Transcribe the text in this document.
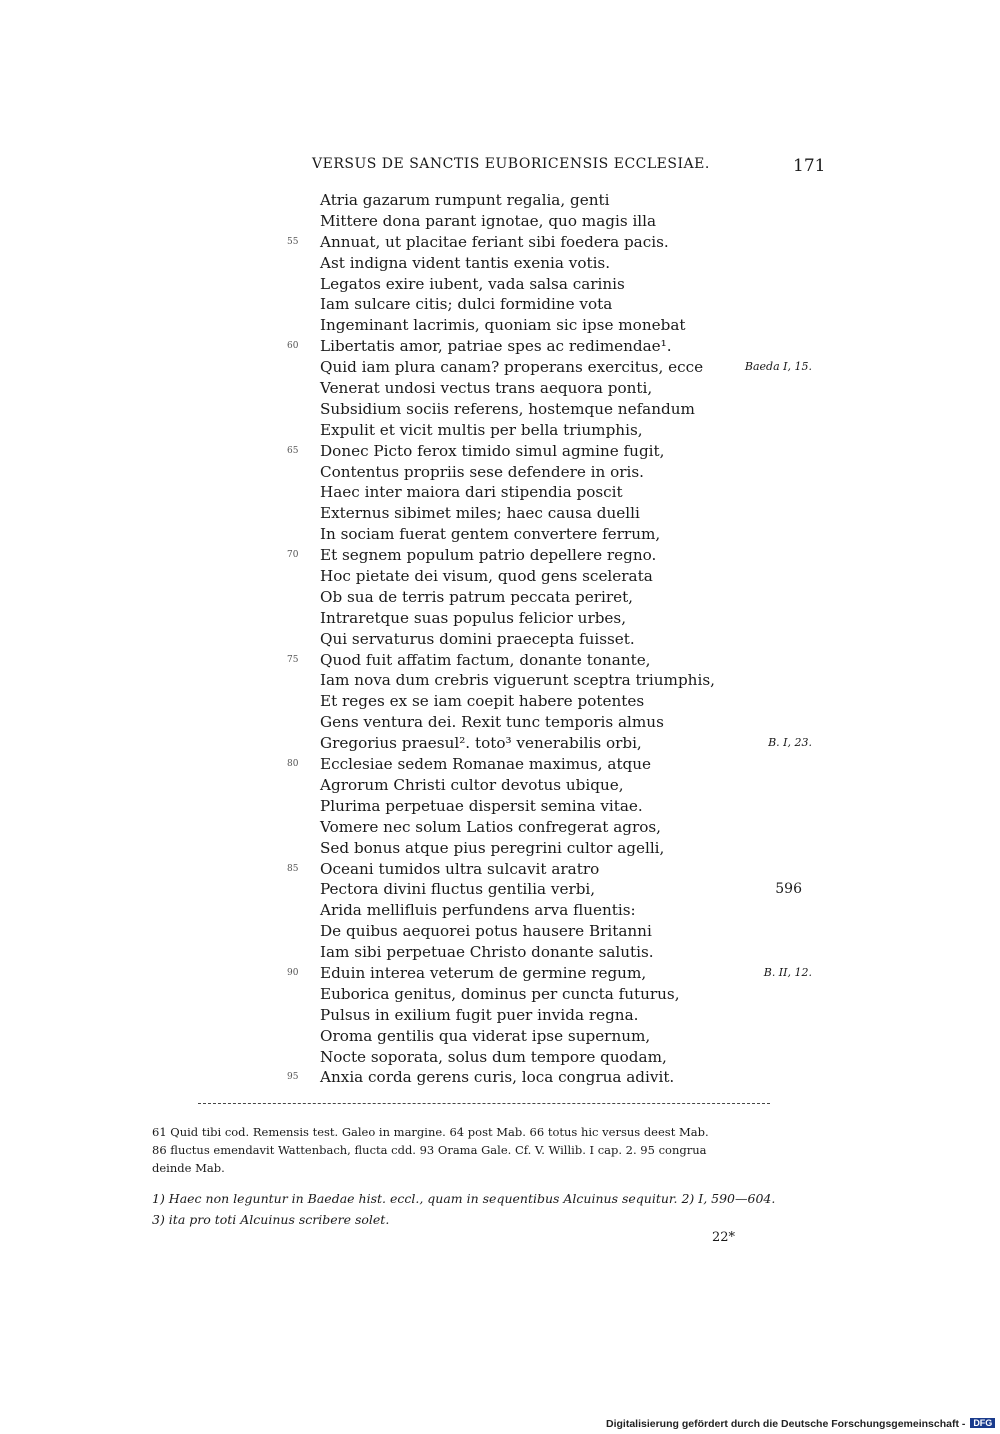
VERSUS DE SANCTIS EUBORICENSIS ECCLESIAE.	171
Atria gazarum rumpunt regalia, genti
Mittere dona parant ignotae, quo magis illa
55 Annuat, ut placitae feriant sibi foedera pacis.
Ast indigna vident tantis exenia votis.
Legatos exire iubent, vada salsa carinis
Iam sulcare citis; dulci formidine vota
Ingeminant lacrimis, quoniam sic ipse monebat
60 Libertatis amor, patriae spes ac redimendae¹.
Quid iam plura canam? properans exercitus, ecce	Baeda I, 15.
Venerat undosi vectus trans aequora ponti,
Subsidium sociis referens, hostemque nefandum
Expulit et vicit multis per bella triumphis,
65 Donec Picto ferox timido simul agmine fugit,
Contentus propriis sese defendere in oris.
Haec inter maiora dari stipendia poscit
Externus sibimet miles; haec causa duelli
In sociam fuerat gentem convertere ferrum,
70 Et segnem populum patrio depellere regno.
Hoc pietate dei visum, quod gens scelerata
Ob sua de terris patrum peccata periret,
Intraretque suas populus felicior urbes,
Qui servaturus domini praecepta fuisset.
75 Quod fuit affatim factum, donante tonante,
Iam nova dum crebris viguerunt sceptra triumphis,
Et reges ex se iam coepit habere potentes
Gens ventura dei. Rexit tunc temporis almus
Gregorius praesul². toto³ venerabilis orbi,	B. I, 23.
80 Ecclesiae sedem Romanae maximus, atque
Agrorum Christi cultor devotus ubique,
Plurima perpetuae dispersit semina vitae.
Vomere nec solum Latios confregerat agros,
Sed bonus atque pius peregrini cultor agelli,
85 Oceani tumidos ultra sulcavit aratro
Pectora divini fluctus gentilia verbi,	596
Arida mellifluis perfundens arva fluentis:
De quibus aequorei potus hausere Britanni
Iam sibi perpetuae Christo donante salutis.
90 Eduin interea veterum de germine regum,	B. II, 12.
Euborica genitus, dominus per cuncta futurus,
Pulsus in exilium fugit puer invida regna.
Oroma gentilis qua viderat ipse supernum,
Nocte soporata, solus dum tempore quodam,
95 Anxia corda gerens curis, loca congrua adivit.
61 Quid tibi cod. Remensis test. Galeo in margine. 64 post Mab. 66 totus hic versus deest Mab.
86 fluctus emendavit Wattenbach, flucta cdd. 93 Orama Gale. Cf. V. Willib. I cap. 2. 95 congrua
deinde Mab.
1) Haec non leguntur in Baedae hist. eccl., quam in sequentibus Alcuinus sequitur. 2) I, 590—604.
3) ita pro toti Alcuinus scribere solet.
22*
Digitalisierung gefördert durch die Deutsche Forschungsgemeinschaft - DFG
